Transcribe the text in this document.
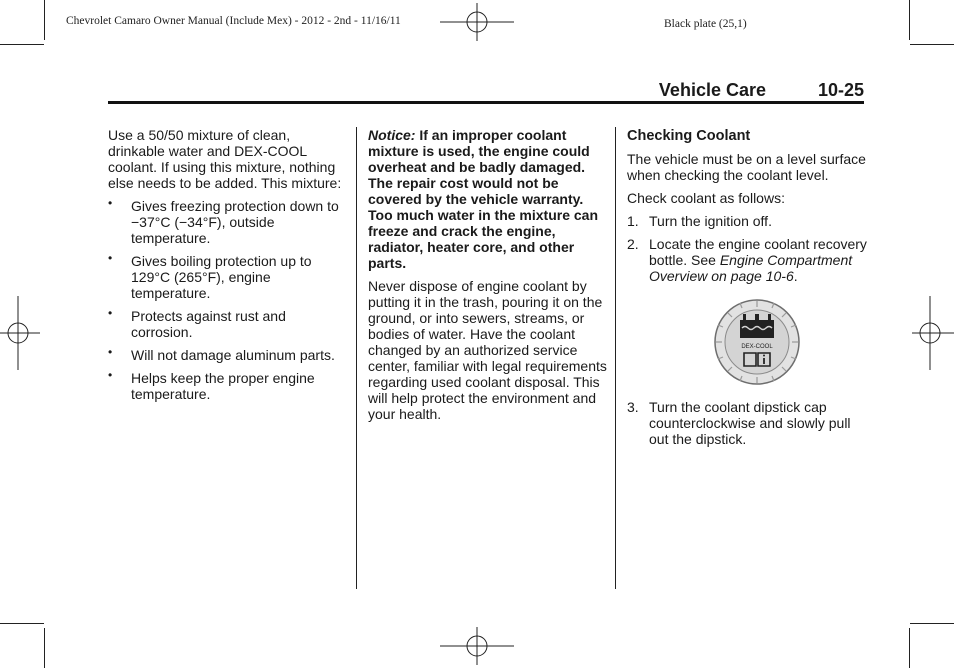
Chevrolet Camaro Owner Manual (Include Mex) - 2012 - 2nd - 11/16/11	Black plate (25,1)
Vehicle Care	10-25

Use a 50/50 mixture of clean, drinkable water and DEX-COOL coolant. If using this mixture, nothing else needs to be added. This mixture:

• Gives freezing protection down to −37°C (−34°F), outside temperature.
• Gives boiling protection up to 129°C (265°F), engine temperature.
• Protects against rust and corrosion.
• Will not damage aluminum parts.
• Helps keep the proper engine temperature.

Notice: If an improper coolant mixture is used, the engine could overheat and be badly damaged. The repair cost would not be covered by the vehicle warranty. Too much water in the mixture can freeze and crack the engine, radiator, heater core, and other parts.

Never dispose of engine coolant by putting it in the trash, pouring it on the ground, or into sewers, streams, or bodies of water. Have the coolant changed by an authorized service center, familiar with legal requirements regarding used coolant disposal. This will help protect the environment and your health.

Checking Coolant

The vehicle must be on a level surface when checking the coolant level.

Check coolant as follows:

1. Turn the ignition off.
2. Locate the engine coolant recovery bottle. See Engine Compartment Overview on page 10-6.
DEX-COOL
3. Turn the coolant dipstick cap counterclockwise and slowly pull out the dipstick.
